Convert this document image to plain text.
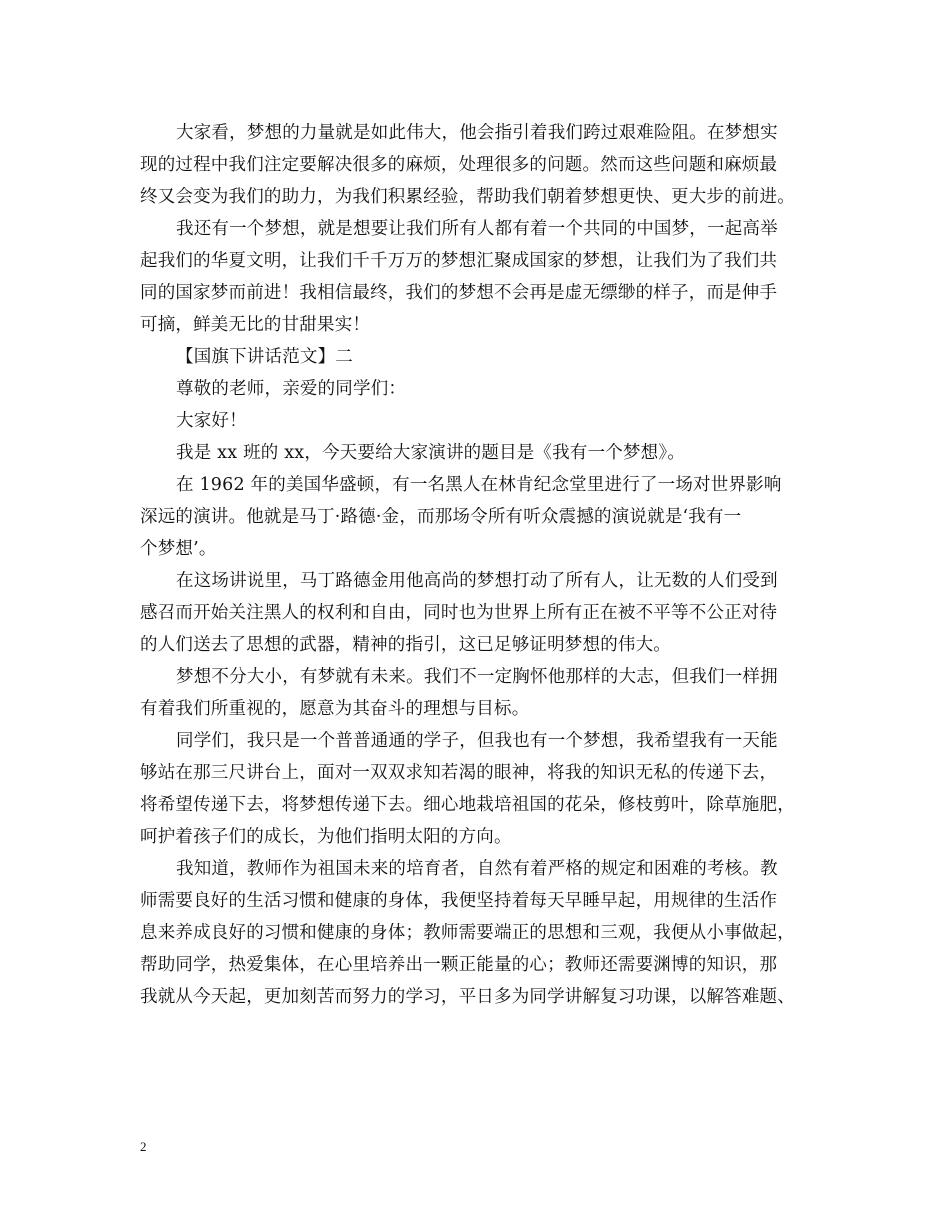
大家看，梦想的力量就是如此伟大，他会指引着我们跨过艰难险阻。在梦想实
现的过程中我们注定要解决很多的麻烦，处理很多的问题。然而这些问题和麻烦最
终又会变为我们的助力，为我们积累经验，帮助我们朝着梦想更快、更大步的前进。
我还有一个梦想，就是想要让我们所有人都有着一个共同的中国梦，一起高举
起我们的华夏文明，让我们千千万万的梦想汇聚成国家的梦想，让我们为了我们共
同的国家梦而前进！我相信最终，我们的梦想不会再是虚无缥缈的样子，而是伸手
可摘，鲜美无比的甘甜果实！
【国旗下讲话范文】二
尊敬的老师，亲爱的同学们：
大家好！
我是 xx 班的 xx，今天要给大家演讲的题目是《我有一个梦想》。
在 1962 年的美国华盛顿，有一名黑人在林肯纪念堂里进行了一场对世界影响
深远的演讲。他就是马丁·路德·金，而那场令所有听众震撼的演说就是‘我有一
个梦想’。
在这场讲说里，马丁路德金用他高尚的梦想打动了所有人，让无数的人们受到
感召而开始关注黑人的权利和自由，同时也为世界上所有正在被不平等不公正对待
的人们送去了思想的武器，精神的指引，这已足够证明梦想的伟大。
梦想不分大小，有梦就有未来。我们不一定胸怀他那样的大志，但我们一样拥
有着我们所重视的，愿意为其奋斗的理想与目标。
同学们，我只是一个普普通通的学子，但我也有一个梦想，我希望我有一天能
够站在那三尺讲台上，面对一双双求知若渴的眼神，将我的知识无私的传递下去，
将希望传递下去，将梦想传递下去。细心地栽培祖国的花朵，修枝剪叶，除草施肥，
呵护着孩子们的成长，为他们指明太阳的方向。
我知道，教师作为祖国未来的培育者，自然有着严格的规定和困难的考核。教
师需要良好的生活习惯和健康的身体，我便坚持着每天早睡早起，用规律的生活作
息来养成良好的习惯和健康的身体；教师需要端正的思想和三观，我便从小事做起，
帮助同学，热爱集体，在心里培养出一颗正能量的心；教师还需要渊博的知识，那
我就从今天起，更加刻苦而努力的学习，平日多为同学讲解复习功课，以解答难题、
2
